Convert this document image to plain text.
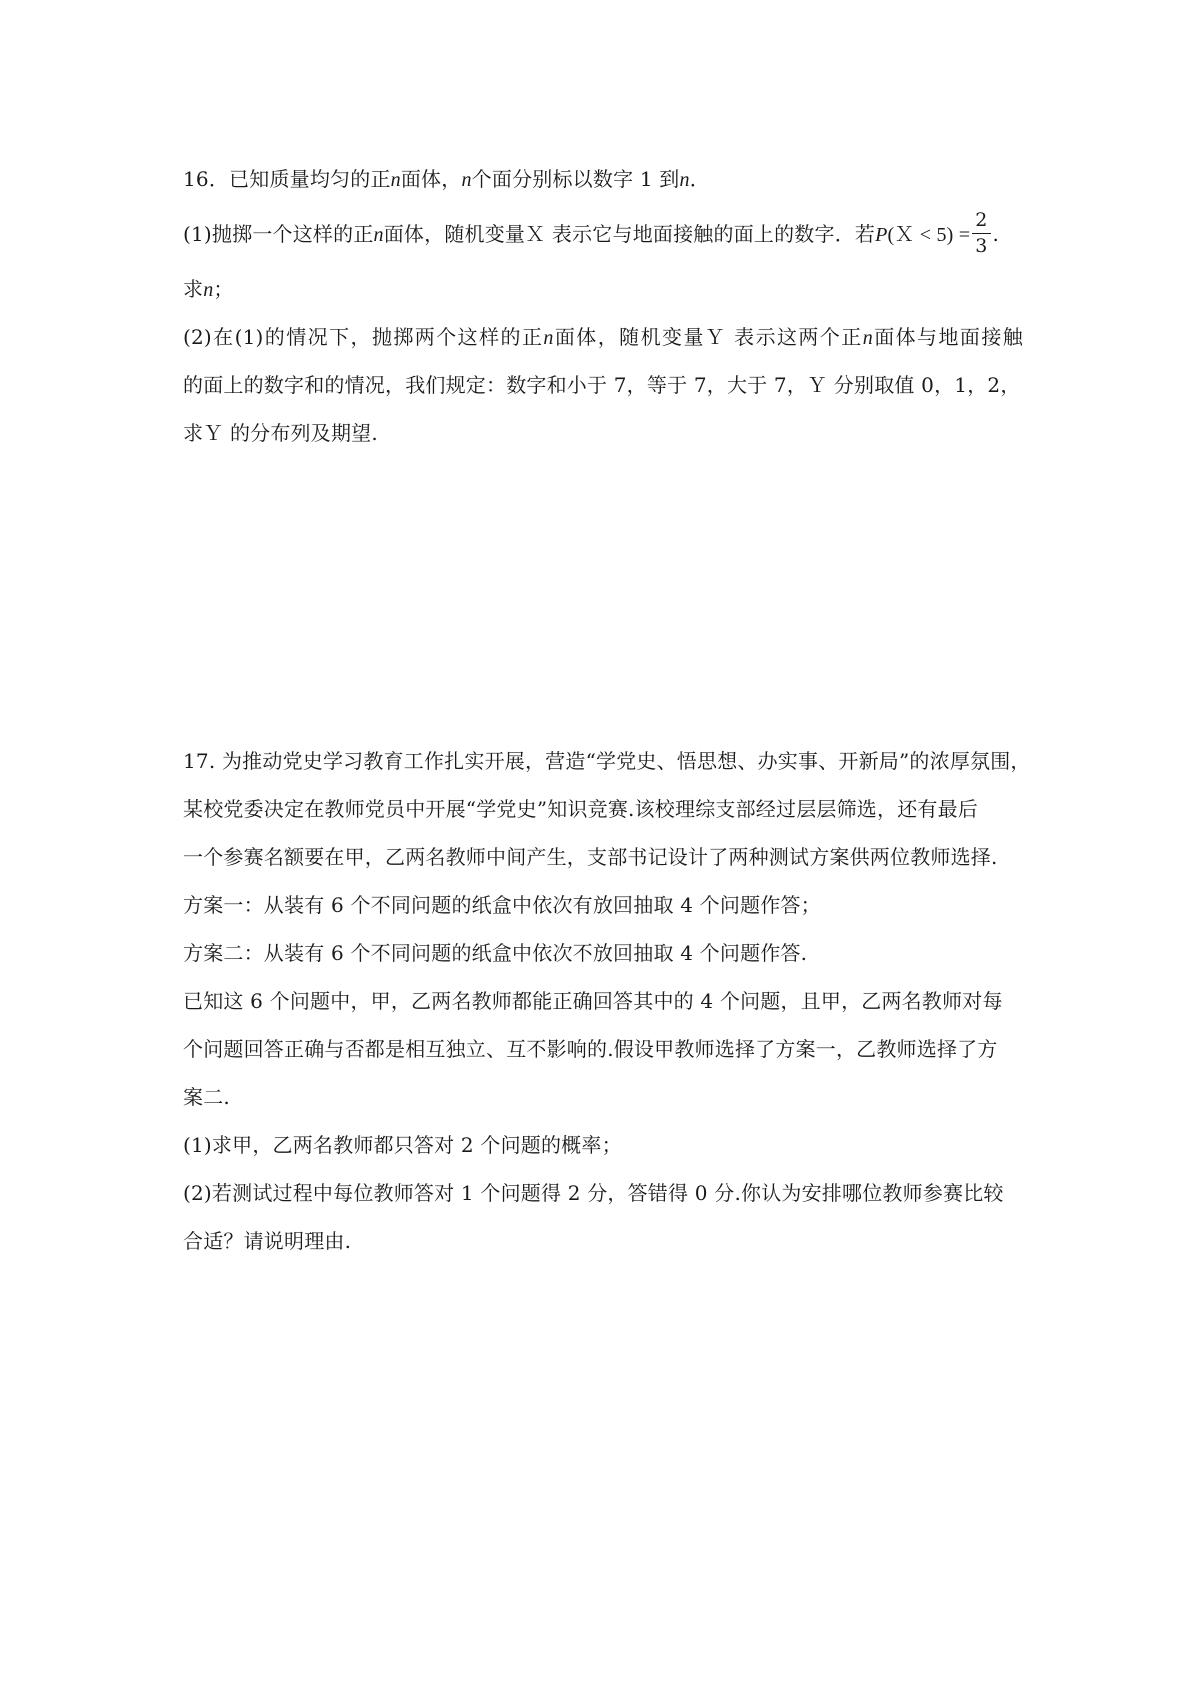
16．已知质量均匀的正n面体，n个面分别标以数字 1 到n．
(1)抛掷一个这样的正n面体，随机变量Ｘ 表示它与地面接触的面上的数字．若P(Ｘ < $5) = \frac{2}{3}$ .
求n；
(2)在(1)的情况下，抛掷两个这样的正n面体，随机变量Ｙ 表示这两个正n面体与地面接触
的面上的数字和的情况，我们规定：数字和小于 7，等于 7，大于 7，Ｙ 分别取值 0，1，2，
求Ｙ 的分布列及期望.
17. 为推动党史学习教育工作扎实开展，营造“学党史、悟思想、办实事、开新局”的浓厚氛围，
某校党委决定在教师党员中开展“学党史”知识竞赛.该校理综支部经过层层筛选，还有最后
一个参赛名额要在甲，乙两名教师中间产生，支部书记设计了两种测试方案供两位教师选择.
方案一：从装有 6 个不同问题的纸盒中依次有放回抽取 4 个问题作答；
方案二：从装有 6 个不同问题的纸盒中依次不放回抽取 4 个问题作答.
已知这 6 个问题中，甲，乙两名教师都能正确回答其中的 4 个问题，且甲，乙两名教师对每
个问题回答正确与否都是相互独立、互不影响的.假设甲教师选择了方案一，乙教师选择了方
案二.
(1)求甲，乙两名教师都只答对 2 个问题的概率；
(2)若测试过程中每位教师答对 1 个问题得 2 分，答错得 0 分.你认为安排哪位教师参赛比较
合适？请说明理由.
